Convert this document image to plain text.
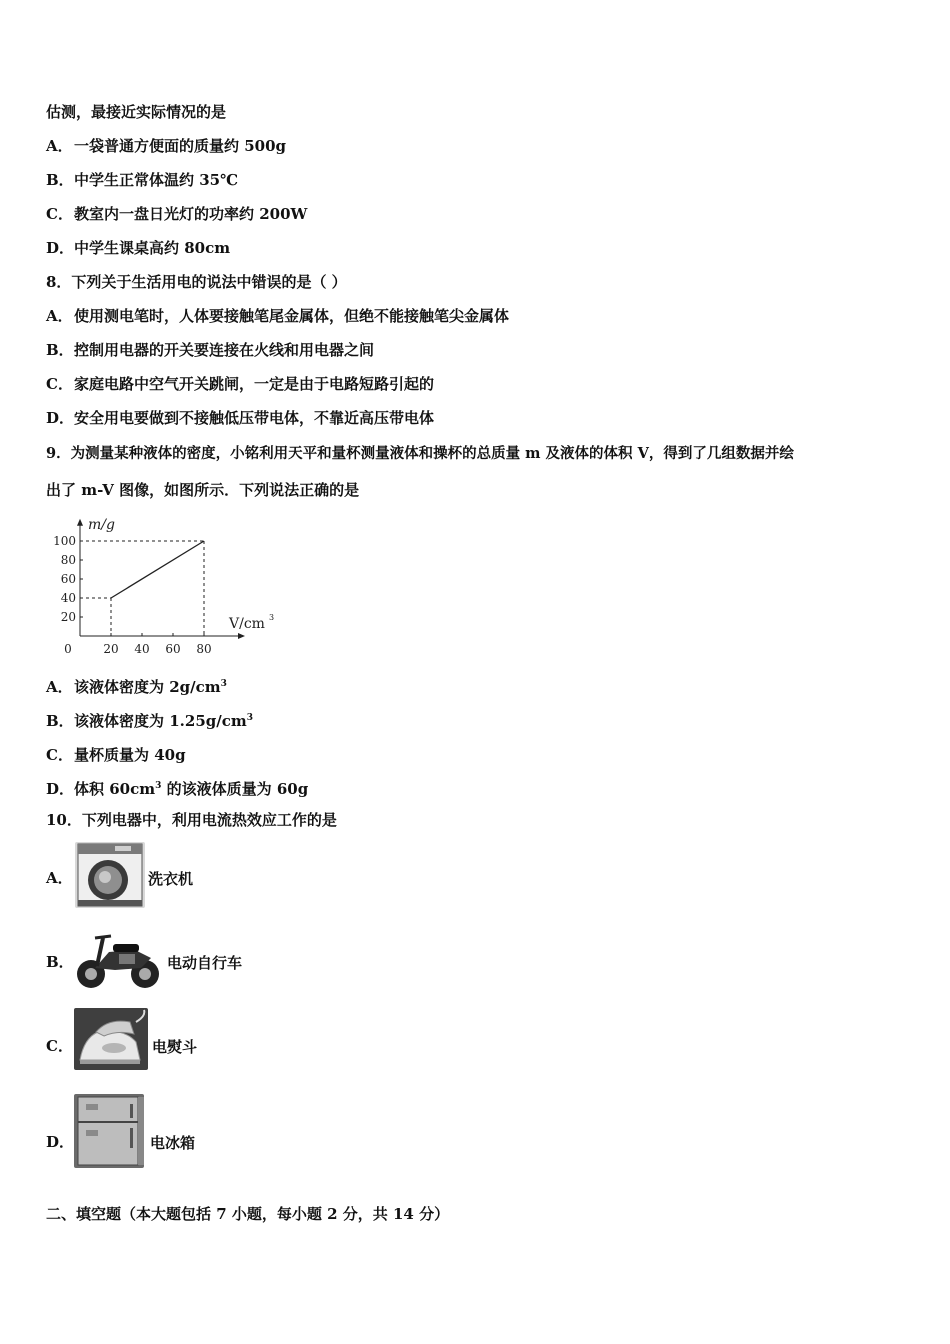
估测，最接近实际情况的是
A．一袋普通方便面的质量约 500g
B．中学生正常体温约 35℃
C．教室内一盘日光灯的功率约 200W
D．中学生课桌高约 80cm
8．下列关于生活用电的说法中错误的是（ ）
A．使用测电笔时，人体要接触笔尾金属体，但绝不能接触笔尖金属体
B．控制用电器的开关要连接在火线和用电器之间
C．家庭电路中空气开关跳闸，一定是由于电路短路引起的
D．安全用电要做到不接触低压带电体，不靠近高压带电体
9．为测量某种液体的密度，小铭利用天平和量杯测量液体和操杯的总质量 m 及液体的体积 V，得到了几组数据并绘
出了 m-V 图像，如图所示．下列说法正确的是
20
40
60
80
100
20 40 60 80
0
m/g
V/cm 3
A．该液体密度为 $2g/cm^3$
B．该液体密度为 $1.25g/cm^3$
C．量杯质量为 40g
D．体积 $60cm^3$ 的该液体质量为 60g
10．下列电器中，利用电流热效应工作的是
A．	洗衣机
B．	电动自行车
C．	电熨斗
D．	电冰箱
二、填空题（本大题包括 7 小题，每小题 2 分，共 14 分）
